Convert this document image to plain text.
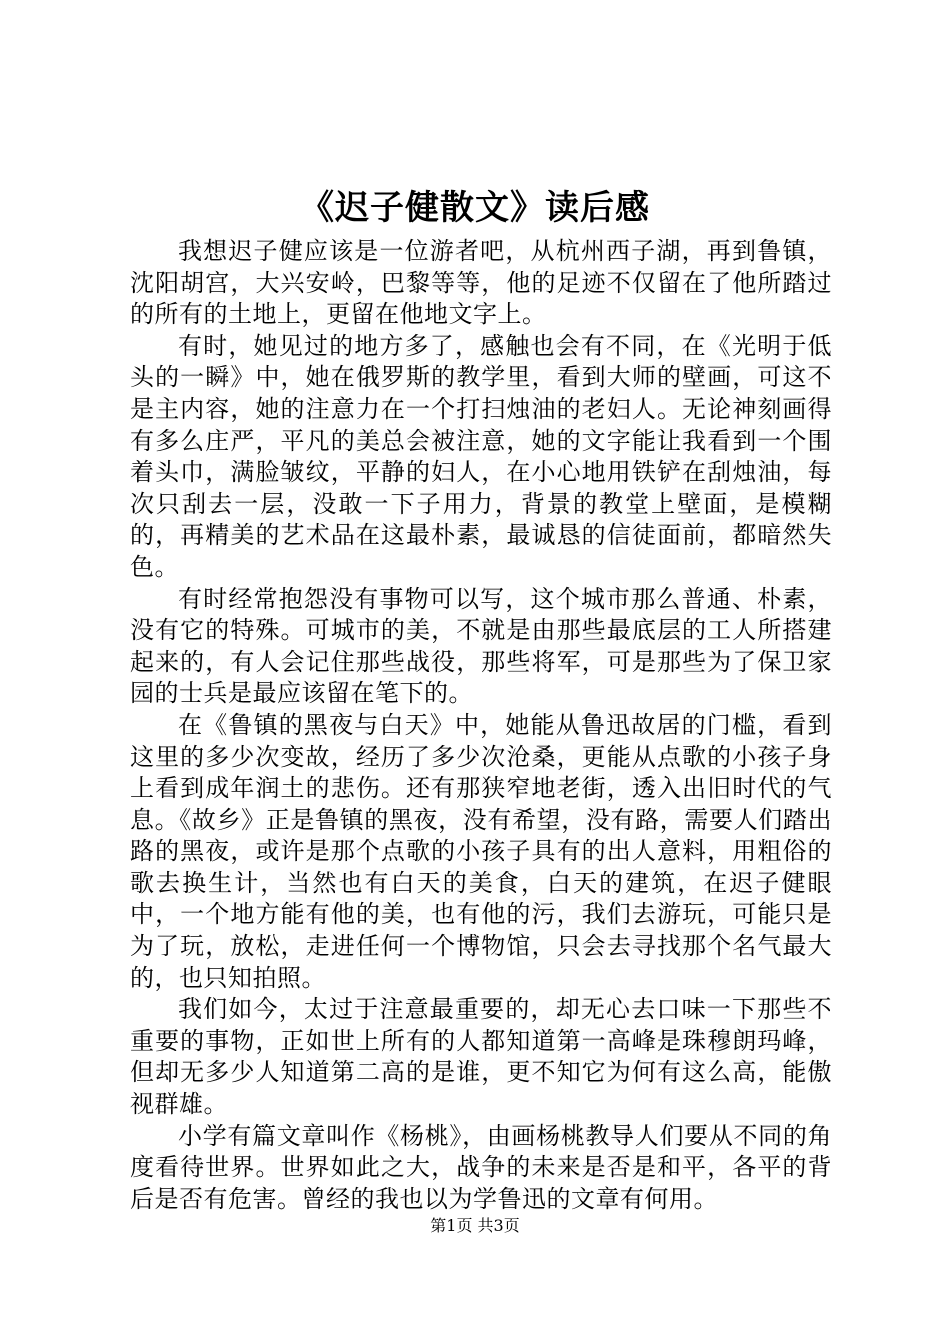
《迟子健散文》读后感

我想迟子健应该是一位游者吧，从杭州西子湖，再到鲁镇，沈阳胡宫，大兴安岭，巴黎等等，他的足迹不仅留在了他所踏过的所有的土地上，更留在他地文字上。

有时，她见过的地方多了，感触也会有不同，在《光明于低头的一瞬》中，她在俄罗斯的教学里，看到大师的壁画，可这不是主内容，她的注意力在一个打扫烛油的老妇人。无论神刻画得有多么庄严，平凡的美总会被注意，她的文字能让我看到一个围着头巾，满脸皱纹，平静的妇人，在小心地用铁铲在刮烛油，每次只刮去一层，没敢一下子用力，背景的教堂上壁面，是模糊的，再精美的艺术品在这最朴素，最诚恳的信徒面前，都暗然失色。

有时经常抱怨没有事物可以写，这个城市那么普通、朴素，没有它的特殊。可城市的美，不就是由那些最底层的工人所搭建起来的，有人会记住那些战役，那些将军，可是那些为了保卫家园的士兵是最应该留在笔下的。

在《鲁镇的黑夜与白天》中，她能从鲁迅故居的门槛，看到这里的多少次变故，经历了多少次沧桑，更能从点歌的小孩子身上看到成年润土的悲伤。还有那狭窄地老街，透入出旧时代的气息。《故乡》正是鲁镇的黑夜，没有希望，没有路，需要人们踏出路的黑夜，或许是那个点歌的小孩子具有的出人意料，用粗俗的歌去换生计，当然也有白天的美食，白天的建筑，在迟子健眼中，一个地方能有他的美，也有他的污，我们去游玩，可能只是为了玩，放松，走进任何一个博物馆，只会去寻找那个名气最大的，也只知拍照。

我们如今，太过于注意最重要的，却无心去口味一下那些不重要的事物，正如世上所有的人都知道第一高峰是珠穆朗玛峰，但却无多少人知道第二高的是谁，更不知它为何有这么高，能傲视群雄。

小学有篇文章叫作《杨桃》，由画杨桃教导人们要从不同的角度看待世界。世界如此之大，战争的未来是否是和平，各平的背后是否有危害。曾经的我也以为学鲁迅的文章有何用。

第1页 共3页
